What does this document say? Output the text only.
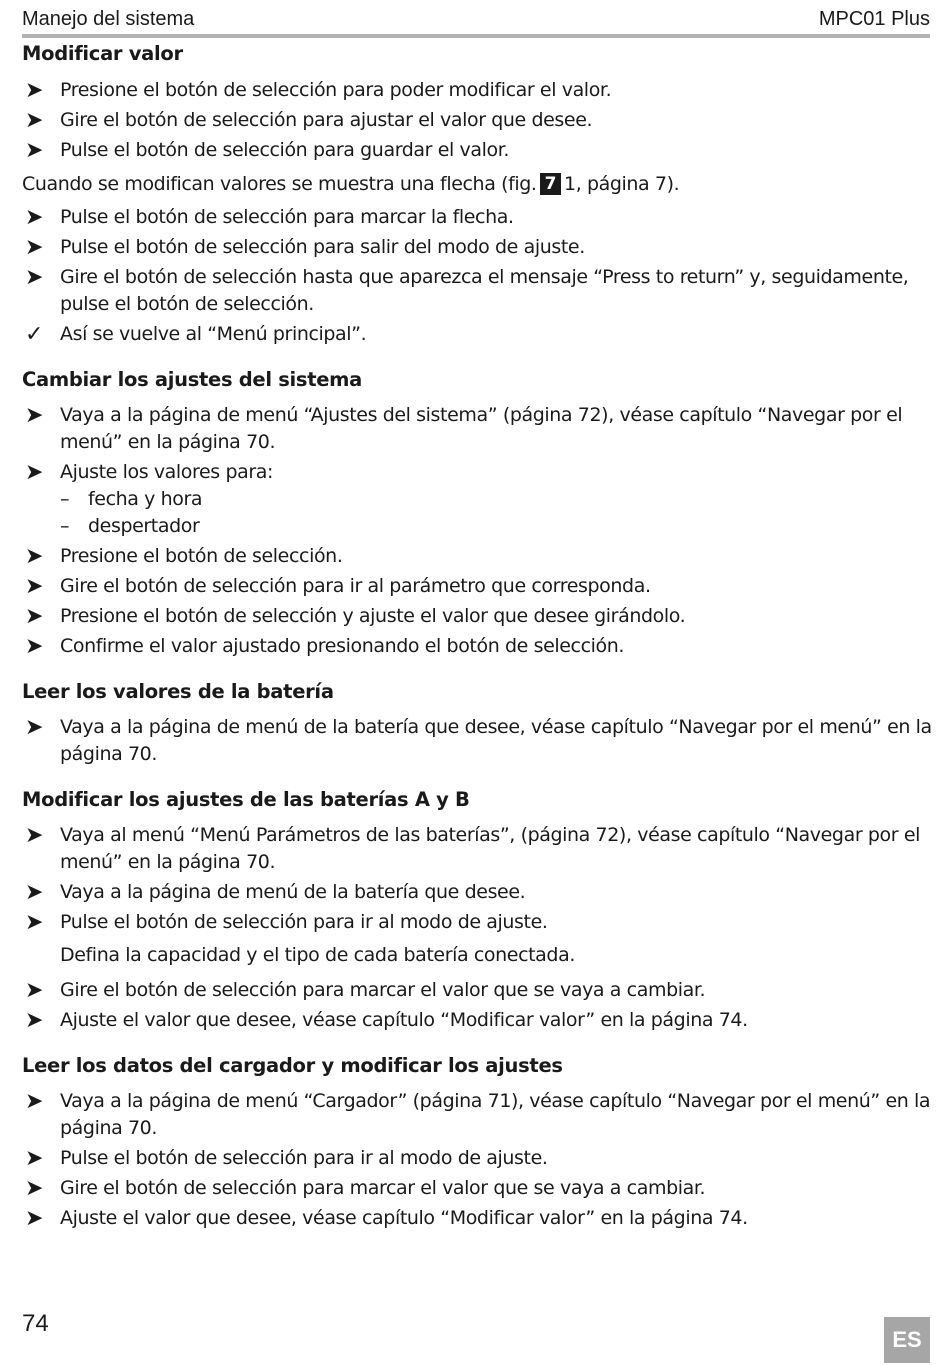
Manejo del sistema	MPC01 Plus
Modificar valor
➤ Presione el botón de selección para poder modificar el valor.
➤ Gire el botón de selección para ajustar el valor que desee.
➤ Pulse el botón de selección para guardar el valor.
Cuando se modifican valores se muestra una flecha (fig. 7 1, página 7).
➤ Pulse el botón de selección para marcar la flecha.
➤ Pulse el botón de selección para salir del modo de ajuste.
➤ Gire el botón de selección hasta que aparezca el mensaje “Press to return” y, seguidamente, pulse el botón de selección.
✓ Así se vuelve al “Menú principal”.
Cambiar los ajustes del sistema
➤ Vaya a la página de menú “Ajustes del sistema” (página 72), véase capítulo “Navegar por el menú” en la página 70.
➤ Ajuste los valores para:
– fecha y hora
– despertador
➤ Presione el botón de selección.
➤ Gire el botón de selección para ir al parámetro que corresponda.
➤ Presione el botón de selección y ajuste el valor que desee girándolo.
➤ Confirme el valor ajustado presionando el botón de selección.
Leer los valores de la batería
➤ Vaya a la página de menú de la batería que desee, véase capítulo “Navegar por el menú” en la página 70.
Modificar los ajustes de las baterías A y B
➤ Vaya al menú “Menú Parámetros de las baterías”, (página 72), véase capítulo “Navegar por el menú” en la página 70.
➤ Vaya a la página de menú de la batería que desee.
➤ Pulse el botón de selección para ir al modo de ajuste.
Defina la capacidad y el tipo de cada batería conectada.
➤ Gire el botón de selección para marcar el valor que se vaya a cambiar.
➤ Ajuste el valor que desee, véase capítulo “Modificar valor” en la página 74.
Leer los datos del cargador y modificar los ajustes
➤ Vaya a la página de menú “Cargador” (página 71), véase capítulo “Navegar por el menú” en la página 70.
➤ Pulse el botón de selección para ir al modo de ajuste.
➤ Gire el botón de selección para marcar el valor que se vaya a cambiar.
➤ Ajuste el valor que desee, véase capítulo “Modificar valor” en la página 74.
74
ES
